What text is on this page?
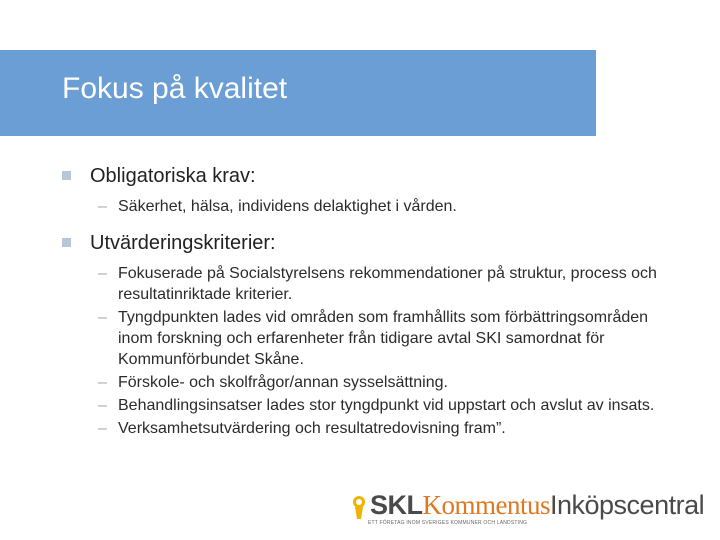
Fokus på kvalitet
Obligatoriska krav:
– Säkerhet, hälsa, individens delaktighet i vården.
Utvärderingskriterier:
– Fokuserade på Socialstyrelsens rekommendationer på struktur, process och resultatinriktade kriterier.
– Tyngdpunkten lades vid områden som framhållits som förbättringsområden inom forskning och erfarenheter från tidigare avtal SKI samordnat för Kommunförbundet Skåne.
– Förskole- och skolfrågor/annan sysselsättning.
– Behandlingsinsatser lades stor tyngdpunkt vid uppstart och avslut av insats.
– Verksamhetsutvärdering och resultatredovisning fram”.
SKLKommentusInköpscentral
ETT FÖRETAG INOM SVERIGES KOMMUNER OCH LANDSTING
